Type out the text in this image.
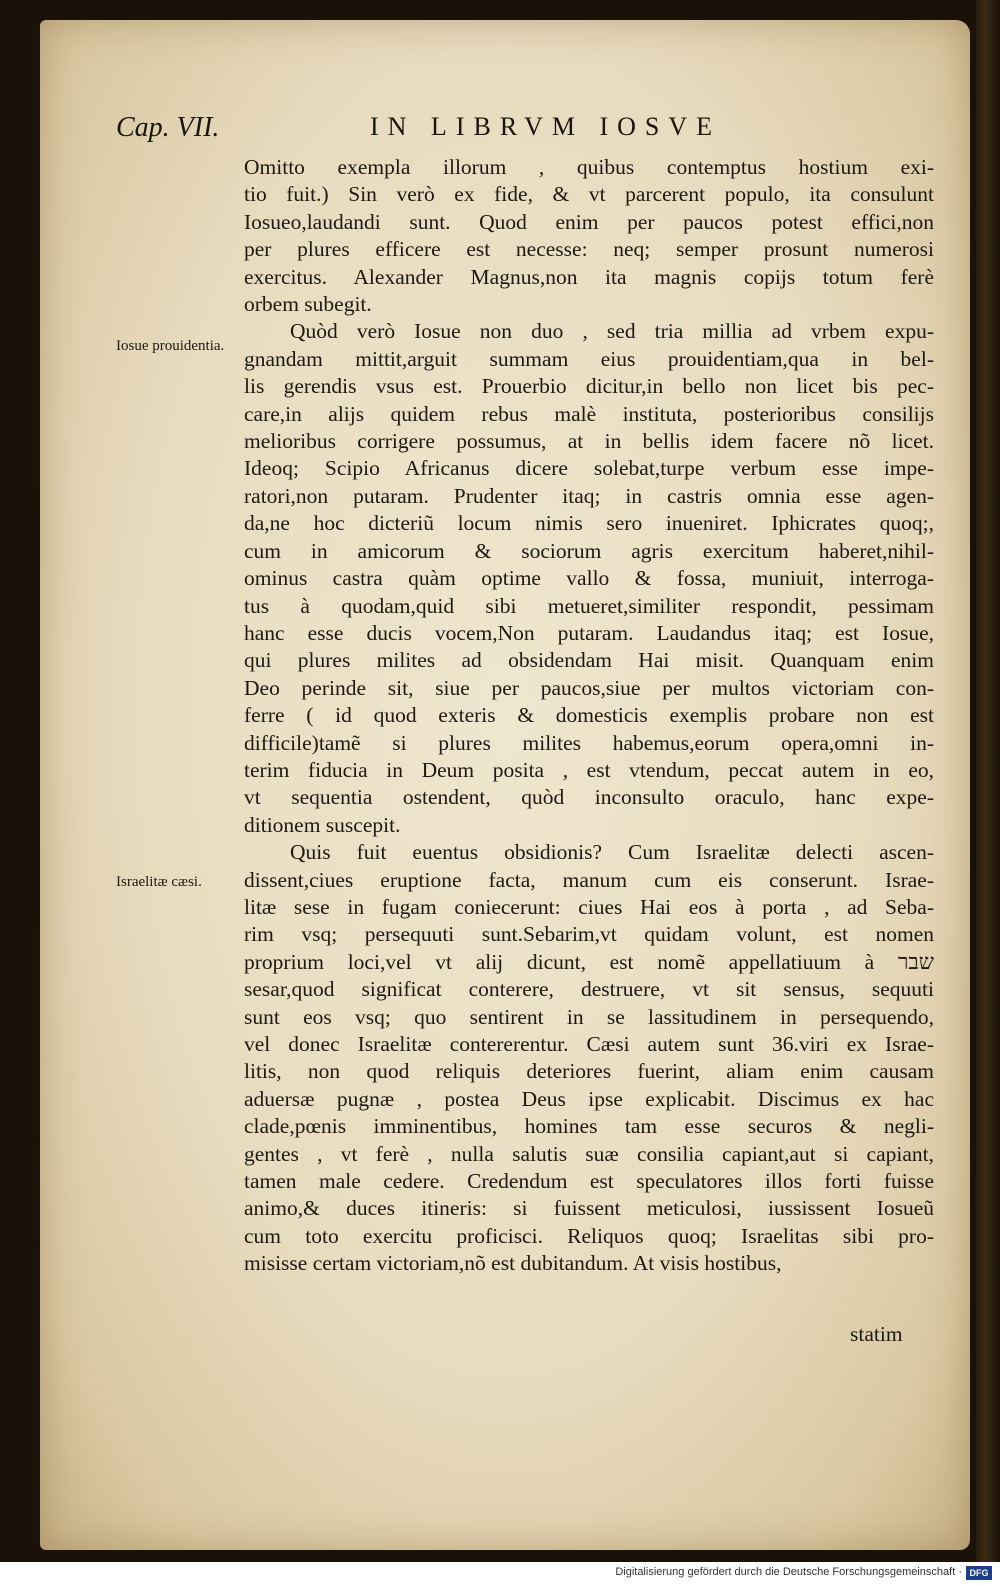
Cap. VII.	IN LIBRVM IOSVE
Iosue prouidentia.
Israelitæ cæsi.

Omitto exempla illorum , quibus contemptus hostium exi-

tio fuit.) Sin verò ex fide, & vt parcerent populo, ita consulunt

Iosueo,laudandi sunt. Quod enim per paucos potest effici,non

per plures efficere est necesse: neq; semper prosunt numerosi

exercitus. Alexander Magnus,non ita magnis copijs totum ferè

orbem subegit.

Quòd verò Iosue non duo , sed tria millia ad vrbem expu-

gnandam mittit,arguit summam eius prouidentiam,qua in bel-

lis gerendis vsus est. Prouerbio dicitur,in bello non licet bis pec-

care,in alijs quidem rebus malè instituta, posterioribus consilijs

melioribus corrigere possumus, at in bellis idem facere nõ licet.

Ideoq; Scipio Africanus dicere solebat,turpe verbum esse impe-

ratori,non putaram. Prudenter itaq; in castris omnia esse agen-

da,ne hoc dicteriũ locum nimis sero inueniret. Iphicrates quoq;,

cum in amicorum & sociorum agris exercitum haberet,nihil-

ominus castra quàm optime vallo & fossa, muniuit, interroga-

tus à quodam,quid sibi metueret,similiter respondit, pessimam

hanc esse ducis vocem,Non putaram. Laudandus itaq; est Iosue,

qui plures milites ad obsidendam Hai misit. Quanquam enim

Deo perinde sit, siue per paucos,siue per multos victoriam con-

ferre ( id quod exteris & domesticis exemplis probare non est

difficile)tamẽ si plures milites habemus,eorum opera,omni in-

terim fiducia in Deum posita , est vtendum, peccat autem in eo,

vt sequentia ostendent, quòd inconsulto oraculo, hanc expe-

ditionem suscepit.

Quis fuit euentus obsidionis? Cum Israelitæ delecti ascen-

dissent,ciues eruptione facta, manum cum eis conserunt. Israe-

litæ sese in fugam coniecerunt: ciues Hai eos à porta , ad Seba-

rim vsq; persequuti sunt.Sebarim,vt quidam volunt, est nomen

proprium loci,vel vt alij dicunt, est nomẽ appellatiuum à שבר

sesar,quod significat conterere, destruere, vt sit sensus, sequuti

sunt eos vsq; quo sentirent in se lassitudinem in persequendo,

vel donec Israelitæ contererentur. Cæsi autem sunt 36.viri ex Israe-

litis, non quod reliquis deteriores fuerint, aliam enim causam

aduersæ pugnæ , postea Deus ipse explicabit. Discimus ex hac

clade,pœnis imminentibus, homines tam esse securos & negli-

gentes , vt ferè , nulla salutis suæ consilia capiant,aut si capiant,

tamen male cedere. Credendum est speculatores illos forti fuisse

animo,& duces itineris: si fuissent meticulosi, iussissent Iosueũ

cum toto exercitu proficisci. Reliquos quoq; Israelitas sibi pro-

misisse certam victoriam,nõ est dubitandum. At visis hostibus,

statim
Digitalisierung gefördert durch die Deutsche Forschungsgemeinschaft · DFG
